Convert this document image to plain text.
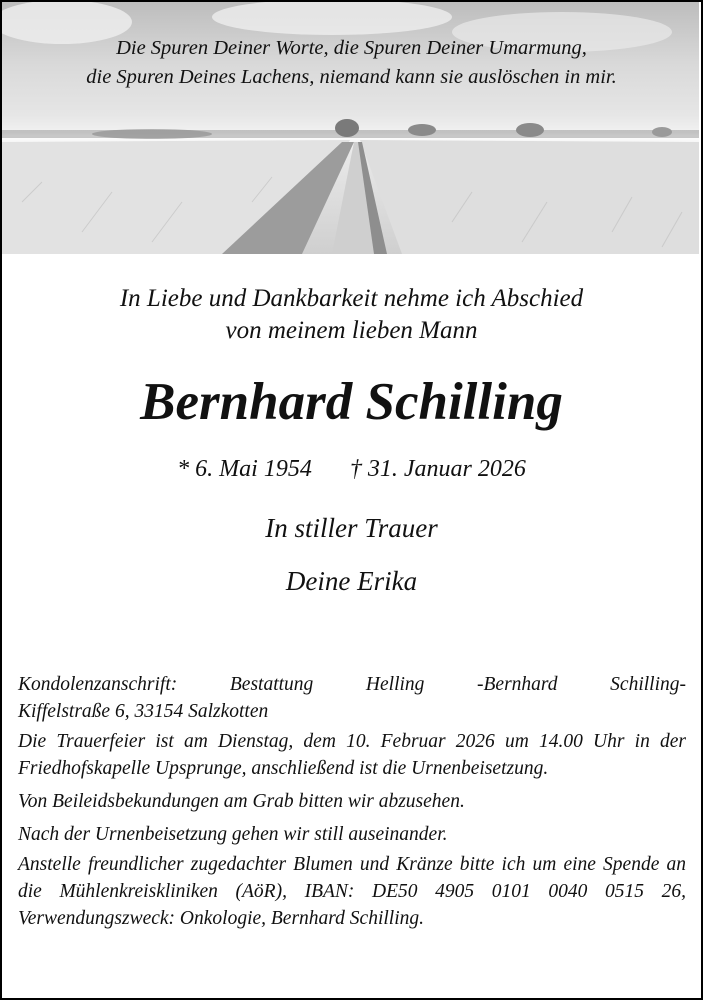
Die Spuren Deiner Worte, die Spuren Deiner Umarmung,
die Spuren Deines Lachens, niemand kann sie auslöschen in mir.
In Liebe und Dankbarkeit nehme ich Abschied
von meinem lieben Mann
Bernhard Schilling
* 6. Mai 1954 † 31. Januar 2026
In stiller Trauer
Deine Erika

Kondolenzanschrift: Bestattung Helling -Bernhard Schilling-
Kiffelstraße 6, 33154 Salzkotten

Die Trauerfeier ist am Dienstag, dem 10. Februar 2026 um 14.00 Uhr in der Friedhofskapelle Upsprunge, anschließend ist die Urnenbeisetzung.

Von Beileidsbekundungen am Grab bitten wir abzusehen.

Nach der Urnenbeisetzung gehen wir still auseinander.

Anstelle freundlicher zugedachter Blumen und Kränze bitte ich um eine Spende an die Mühlenkreiskliniken (AöR), IBAN: DE50 4905 0101 0040 0515 26, Verwendungszweck: Onkologie, Bernhard Schilling.
